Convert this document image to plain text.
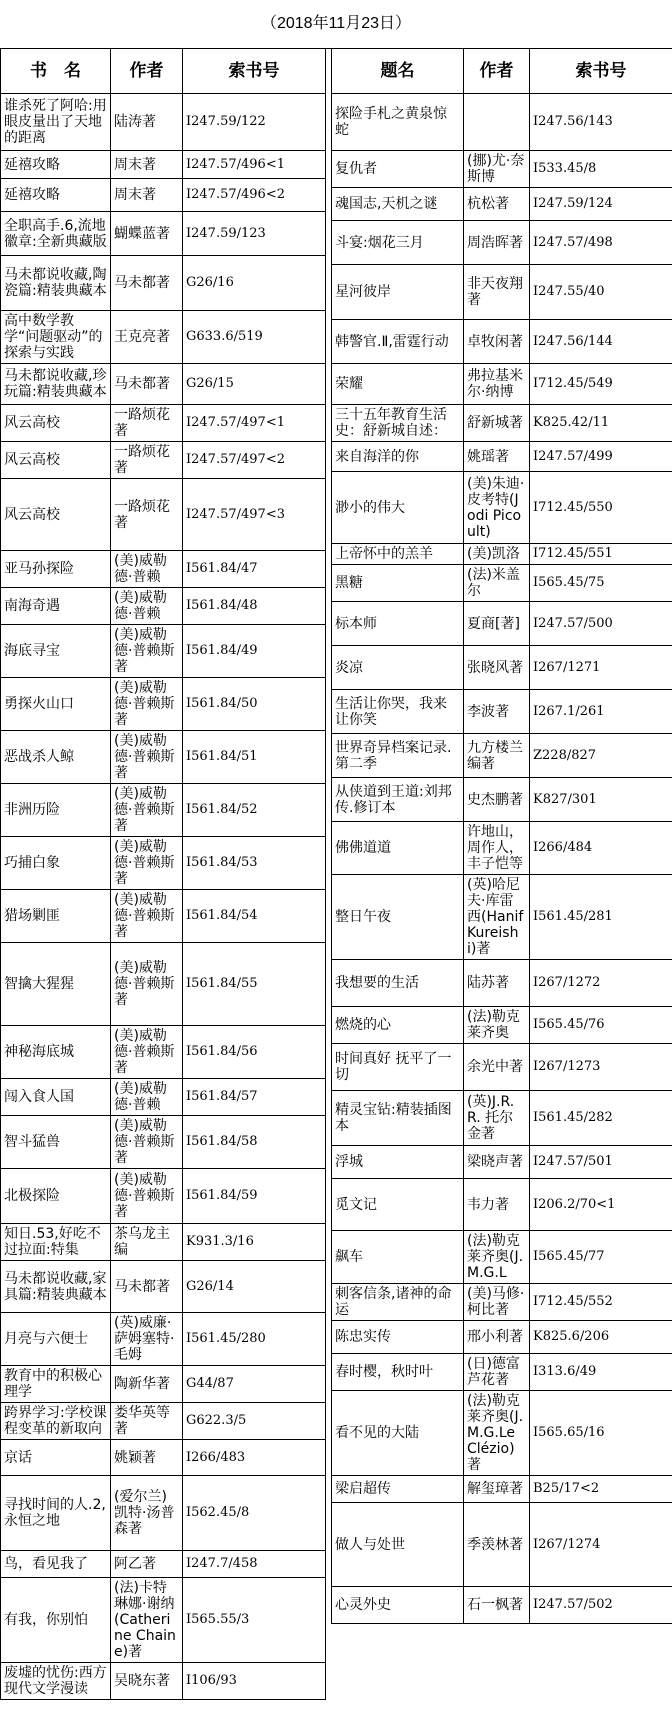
（2018年11月23日）
书　名	作者	索书号
谁杀死了阿哈:用眼皮量出了天地的距离	陆涛著	I247.59/122
延禧攻略	周末著	I247.57/496<1
延禧攻略	周末著	I247.57/496<2
全职高手.6,流地徽章:全新典藏版	蝴蝶蓝著	I247.59/123
马未都说收藏,陶瓷篇:精装典藏本	马未都著	G26/16
高中数学教学“问题驱动”的探索与实践	王克亮著	G633.6/519
马未都说收藏,珍玩篇:精装典藏本	马未都著	G26/15
风云高校	一路烦花著	I247.57/497<1
风云高校	一路烦花著	I247.57/497<2
风云高校	一路烦花著	I247.57/497<3
亚马孙探险	(美)威勒德·普赖	I561.84/47
南海奇遇	(美)威勒德·普赖	I561.84/48
海底寻宝	(美)威勒德·普赖斯著	I561.84/49
勇探火山口	(美)威勒德·普赖斯著	I561.84/50
恶战杀人鲸	(美)威勒德·普赖斯著	I561.84/51
非洲历险	(美)威勒德·普赖斯著	I561.84/52
巧捕白象	(美)威勒德·普赖斯著	I561.84/53
猎场剿匪	(美)威勒德·普赖斯著	I561.84/54
智擒大猩猩	(美)威勒德·普赖斯著	I561.84/55
神秘海底城	(美)威勒德·普赖斯著	I561.84/56
闯入食人国	(美)威勒德·普赖	I561.84/57
智斗猛兽	(美)威勒德·普赖斯著	I561.84/58
北极探险	(美)威勒德·普赖斯著	I561.84/59
知日.53,好吃不过拉面:特集	茶乌龙主编	K931.3/16
马未都说收藏,家具篇:精装典藏本	马未都著	G26/14
月亮与六便士	(英)威廉·萨姆塞特·毛姆	I561.45/280
教育中的积极心理学	陶新华著	G44/87
跨界学习:学校课程变革的新取向	娄华英等著	G622.3/5
京话	姚颖著	I266/483
寻找时间的人.2,永恒之地	(爱尔兰)凯特·汤普森著	I562.45/8
鸟，看见我了	阿乙著	I247.7/458
有我，你别怕	(法)卡特琳娜·谢纳(Catherine Chaine)著	I565.55/3
废墟的忧伤:西方现代文学漫读	吴晓东著	I106/93
题名	作者	索书号
探险手札之黄泉惊蛇		I247.56/143
复仇者	(挪)尤·奈斯博	I533.45/8
魂国志,天机之谜	杭松著	I247.59/124
斗宴:烟花三月	周浩晖著	I247.57/498
星河彼岸	非天夜翔著	I247.55/40
韩警官.Ⅱ,雷霆行动	卓牧闲著	I247.56/144
荣耀	弗拉基米尔·纳博	I712.45/549
三十五年教育生活史：舒新城自述：	舒新城著	K825.42/11
来自海洋的你	姚瑶著	I247.57/499
渺小的伟大	(美)朱迪·皮考特(Jodi Picoult)	I712.45/550
上帝怀中的羔羊	(美)凯洛	I712.45/551
黑糖	(法)米盖尔	I565.45/75
标本师	夏商[著]	I247.57/500
炎凉	张晓风著	I267/1271
生活让你哭，我来让你笑	李波著	I267.1/261
世界奇异档案记录.第二季	九方楼兰编著	Z228/827
从侠道到王道:刘邦传.修订本	史杰鹏著	K827/301
佛佛道道	许地山，周作人，丰子恺等	I266/484
整日午夜	(英)哈尼夫·库雷西(Hanif Kureishi)著	I561.45/281
我想要的生活	陆苏著	I267/1272
燃烧的心	(法)勒克莱齐奥	I565.45/76
时间真好 抚平了一切	余光中著	I267/1273
精灵宝钻:精装插图本	(英)J.R.R. 托尔金著	I561.45/282
浮城	梁晓声著	I247.57/501
觅文记	韦力著	I206.2/70<1
飙车	(法)勒克莱齐奥(J.M.G.L	I565.45/77
刺客信条,诸神的命运	(美)马修·柯比著	I712.45/552
陈忠实传	邢小利著	K825.6/206
春时樱，秋时叶	(日)德富芦花著	I313.6/49
看不见的大陆	(法)勒克莱齐奥(J.M.G.Le Clézio)著	I565.65/16
梁启超传	解玺璋著	B25/17<2
做人与处世	季羡林著	I267/1274
心灵外史	石一枫著	I247.57/502
